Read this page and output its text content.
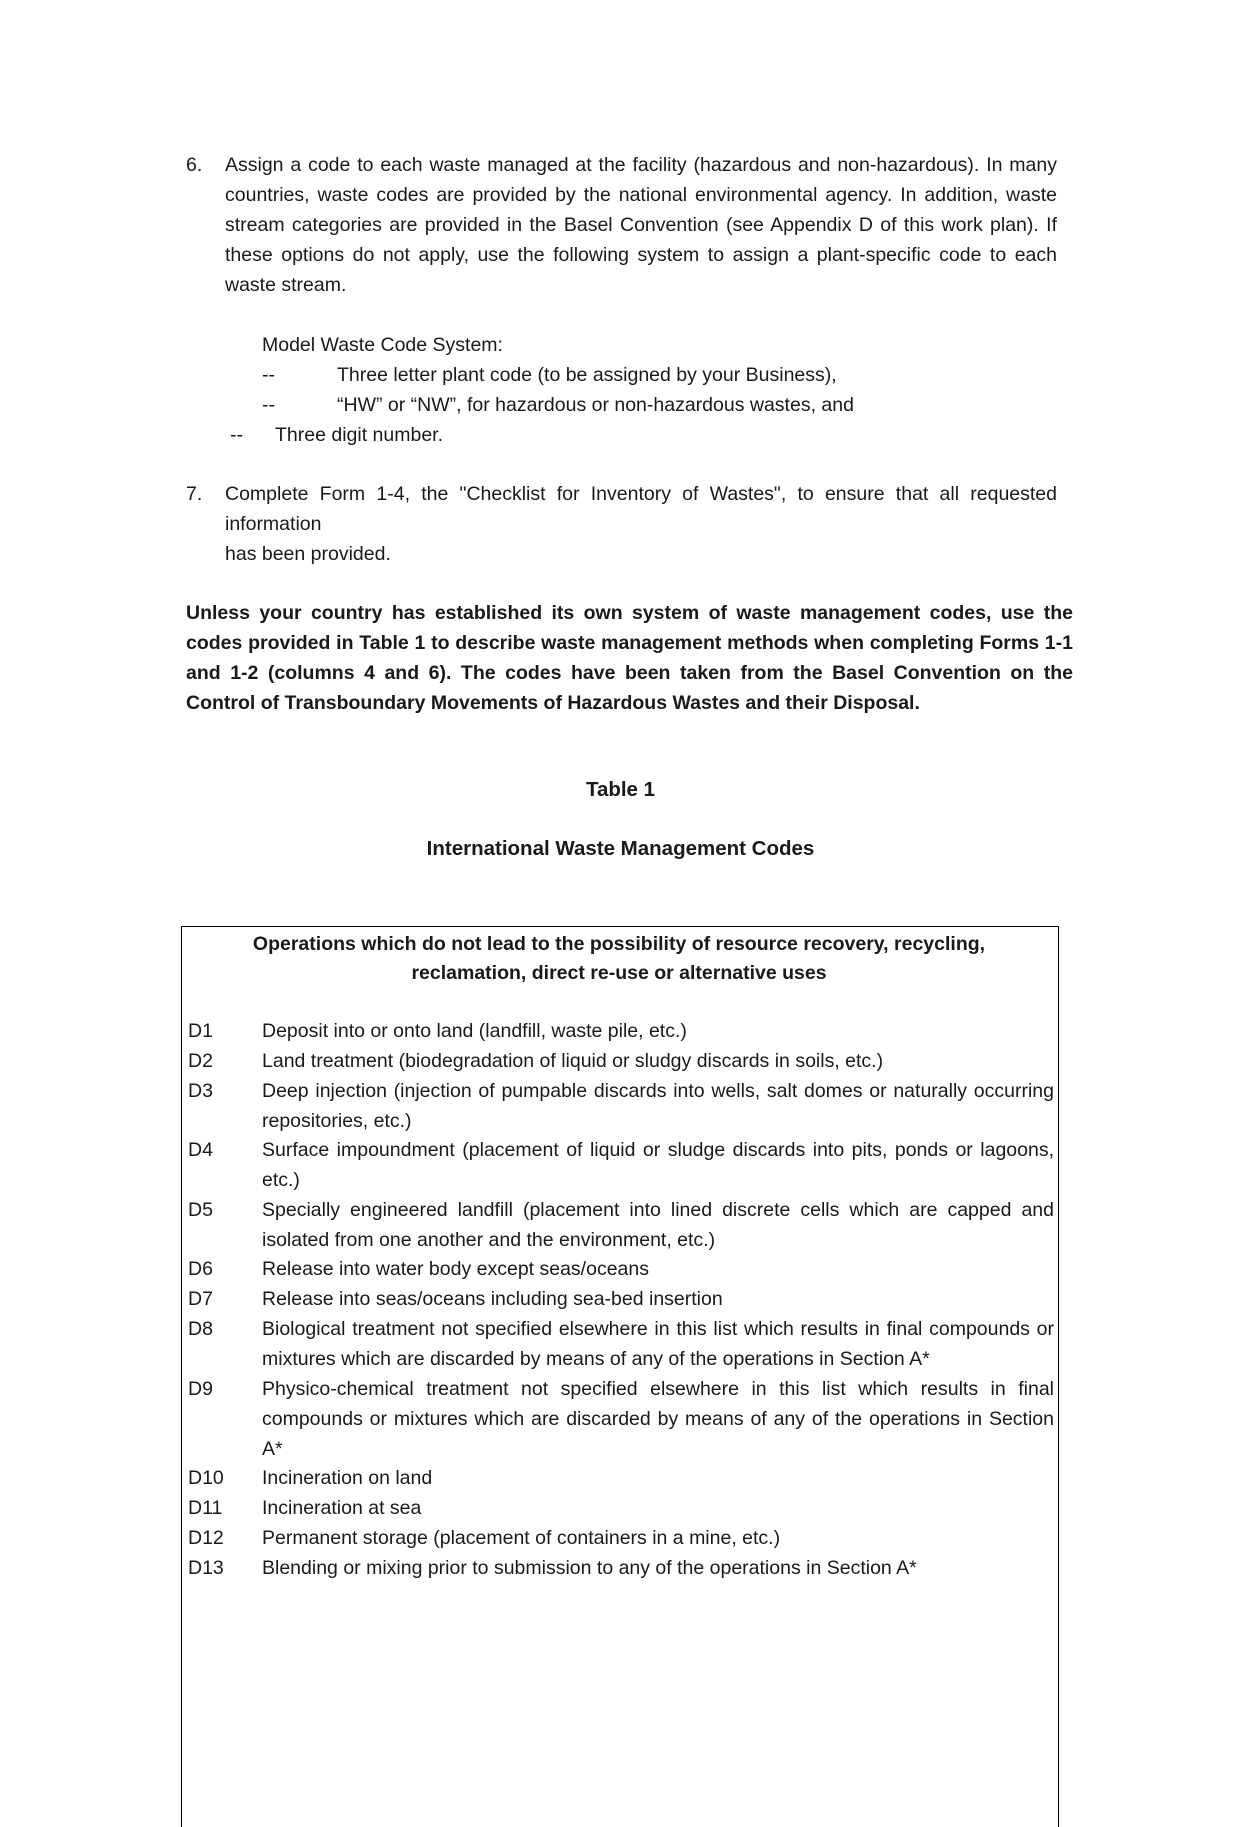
6. Assign a code to each waste managed at the facility (hazardous and non-hazardous). In many countries, waste codes are provided by the national environmental agency. In addition, waste stream categories are provided in the Basel Convention (see Appendix D of this work plan). If these options do not apply, use the following system to assign a plant-specific code to each waste stream.

Model Waste Code System:
--	Three letter plant code (to be assigned by your Business),
--	“HW” or “NW”, for hazardous or non-hazardous wastes, and
-- Three digit number.
7. Complete Form 1-4, the "Checklist for Inventory of Wastes", to ensure that all requested

information
has been provided.

Unless your country has established its own system of waste management codes, use the codes provided in Table 1 to describe waste management methods when completing Forms 1-1 and 1-2 (columns 4 and 6). The codes have been taken from the Basel Convention on the Control of Transboundary Movements of Hazardous Wastes and their Disposal.

Table 1
International Waste Management Codes
Operations which do not lead to the possibility of resource recovery, recycling,
reclamation, direct re-use or alternative uses
D1	Deposit into or onto land (landfill, waste pile, etc.)

D2	Land treatment (biodegradation of liquid or sludgy discards in soils, etc.)

D3	Deep injection (injection of pumpable discards into wells, salt domes or naturally occurring repositories, etc.)

D4	Surface impoundment (placement of liquid or sludge discards into pits, ponds or lagoons, etc.)

D5	Specially engineered landfill (placement into lined discrete cells which are capped and isolated from one another and the environment, etc.)

D6	Release into water body except seas/oceans

D7	Release into seas/oceans including sea-bed insertion

D8	Biological treatment not specified elsewhere in this list which results in final compounds or mixtures which are discarded by means of any of the operations in Section A*

D9	Physico-chemical treatment not specified elsewhere in this list which results in final compounds or mixtures which are discarded by means of any of the operations in Section A*

D10 Incineration on land

D11 Incineration at sea

D12 Permanent storage (placement of containers in a mine, etc.)

D13 Blending or mixing prior to submission to any of the operations in Section A*
